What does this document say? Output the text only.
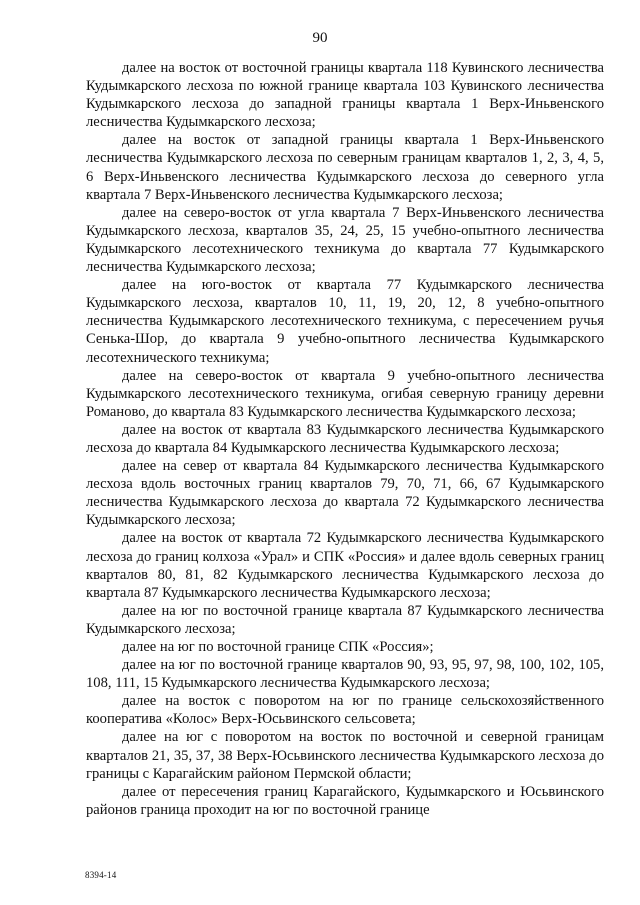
90

далее на восток от восточной границы квартала 118 Кувинского лесничества Кудымкарского лесхоза по южной границе квартала 103 Кувинского лесничества Кудымкарского лесхоза до западной границы квартала 1 Верх-Иньвенского лесничества Кудымкарского лесхоза;

далее на восток от западной границы квартала 1 Верх-Иньвенского лесничества Кудымкарского лесхоза по северным границам кварталов 1, 2, 3, 4, 5, 6 Верх-Иньвенского лесничества Кудымкарского лесхоза до северного угла квартала 7 Верх-Иньвенского лесничества Кудымкарского лесхоза;

далее на северо-восток от угла квартала 7 Верх-Иньвенского лесничества Кудымкарского лесхоза, кварталов 35, 24, 25, 15 учебно-опытного лесничества Кудымкарского лесотехнического техникума до квартала 77 Кудымкарского лесничества Кудымкарского лесхоза;

далее на юго-восток от квартала 77 Кудымкарского лесничества Кудымкарского лесхоза, кварталов 10, 11, 19, 20, 12, 8 учебно-опытного лесничества Кудымкарского лесотехнического техникума, с пересечением ручья Сенька-Шор, до квартала 9 учебно-опытного лесничества Кудымкарского лесотехнического техникума;

далее на северо-восток от квартала 9 учебно-опытного лесничества Кудымкарского лесотехнического техникума, огибая северную границу деревни Романово, до квартала 83 Кудымкарского лесничества Кудымкарского лесхоза;

далее на восток от квартала 83 Кудымкарского лесничества Кудымкарского лесхоза до квартала 84 Кудымкарского лесничества Кудымкарского лесхоза;

далее на север от квартала 84 Кудымкарского лесничества Кудымкарского лесхоза вдоль восточных границ кварталов 79, 70, 71, 66, 67 Кудымкарского лесничества Кудымкарского лесхоза до квартала 72 Кудымкарского лесничества Кудымкарского лесхоза;

далее на восток от квартала 72 Кудымкарского лесничества Кудымкарского лесхоза до границ колхоза «Урал» и СПК «Россия» и далее вдоль северных границ кварталов 80, 81, 82 Кудымкарского лесничества Кудымкарского лесхоза до квартала 87 Кудымкарского лесничества Кудымкарского лесхоза;

далее на юг по восточной границе квартала 87 Кудымкарского лесничества Кудымкарского лесхоза;

далее на юг по восточной границе СПК «Россия»;

далее на юг по восточной границе кварталов 90, 93, 95, 97, 98, 100, 102, 105, 108, 111, 15 Кудымкарского лесничества Кудымкарского лесхоза;

далее на восток с поворотом на юг по границе сельскохозяйственного кооператива «Колос» Верх-Юсьвинского сельсовета;

далее на юг с поворотом на восток по восточной и северной границам кварталов 21, 35, 37, 38 Верх-Юсьвинского лесничества Кудымкарского лесхоза до границы с Карагайским районом Пермской области;

далее от пересечения границ Карагайского, Кудымкарского и Юсьвинского районов граница проходит на юг по восточной границе

8394-14
